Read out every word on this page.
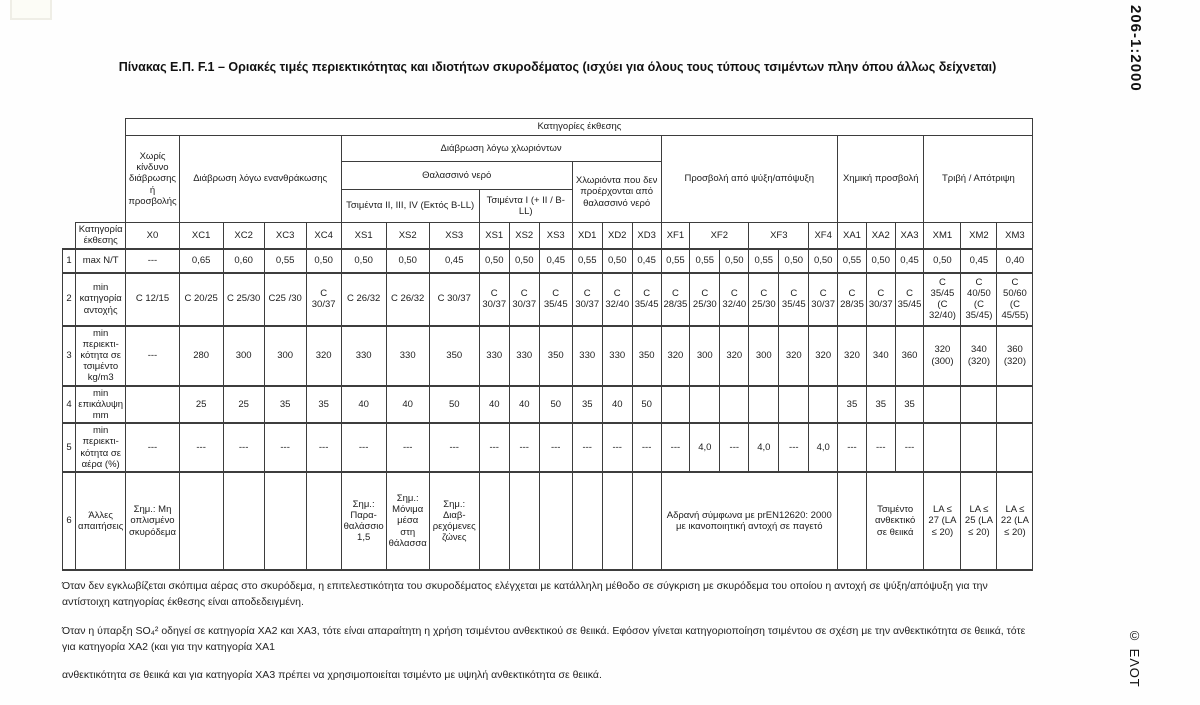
Πίνακας Ε.Π. F.1 – Οριακές τιμές περιεκτικότητας και ιδιοτήτων σκυροδέματος (ισχύει για όλους τους τύπους τσιμέντων πλην όπου άλλως δείχνεται)	206-1:2000
© ΕΛΟΤ
		Κατηγορίες έκθεσης																									
		Χωρίς κίνδυνο διάβρωσης ή προσβολής	Διάβρωση λόγω ενανθράκωσης				Διάβρωση λόγω χλωριόντων									Προσβολή από ψύξη/απόψυξη						Χημική προσβολή			Τριβή / Απότριψη		
							Θαλασσινό νερό						Χλωριόντα που δεν προέρχονται από θαλασσινό νερό														
							Τσιμέντα II, III, IV (Εκτός B-LL)			Τσιμέντα I (+ II / B-LL)																	
	Κατηγορία έκθεσης	X0	XC1	XC2	XC3	XC4	XS1	XS2	XS3	XS1	XS2	XS3	XD1	XD2	XD3	XF1	XF2		XF3		XF4	XA1	XA2	XA3	XM1	XM2	XM3
1	max N/T	---	0,65	0,60	0,55	0,50	0,50	0,50	0,45	0,50	0,50	0,45	0,55	0,50	0,45	0,55	0,55	0,50	0,55	0,50	0,50	0,55	0,50	0,45	0,50	0,45	0,40
2	min κατηγορία αντοχής	C 12/15	C 20/25	C 25/30	C25 /30	C 30/37	C 26/32	C 26/32	C 30/37	C 30/37	C 30/37	C 35/45	C 30/37	C 32/40	C 35/45	C 28/35	C 25/30	C 32/40	C 25/30	C 35/45	C 30/37	C 28/35	C 30/37	C 35/45	C 35/45 (C 32/40)	C 40/50 (C 35/45)	C 50/60 (C 45/55)
3	min περιεκτι-κότητα σε τσιμέντο kg/m3	---	280	300	300	320	330	330	350	330	330	350	330	330	350	320	300	320	300	320	320	320	340	360	320 (300)	340 (320)	360 (320)
4	min επικάλυψη mm		25	25	35	35	40	40	50	40	40	50	35	40	50							35	35	35			
5	min περιεκτι-κότητα σε αέρα (%)	---	---	---	---	---	---	---	---	---	---	---	---	---	---	---	4,0	---	4,0	---	4,0	---	---	---			
6	Άλλες απαιτήσεις	Σημ.: Μη οπλισμένο σκυρόδεμα					Σημ.: Παρα-θαλάσσιο 1,5	Σημ.: Μόνιμα μέσα στη θάλασσα	Σημ.: Διαβ-ρεχόμενες ζώνες							Αδρανή σύμφωνα με prEN12620: 2000 με ικανοποιητική αντοχή σε παγετό							Τσιμέντο ανθεκτικό σε θειικά		LA ≤ 27 (LA ≤ 20)	LA ≤ 25 (LA ≤ 20)	LA ≤ 22 (LA ≤ 20)

Όταν δεν εγκλωβίζεται σκόπιμα αέρας στο σκυρόδεμα, η επιτελεστικότητα του σκυροδέματος ελέγχεται με κατάλληλη μέθοδο σε σύγκριση με σκυρόδεμα του οποίου η αντοχή σε ψύξη/απόψυξη για την αντίστοιχη κατηγορίας έκθεσης είναι αποδεδειγμένη.

Όταν η ύπαρξη SO₄² οδηγεί σε κατηγορία ΧΑ2 και ΧΑ3, τότε είναι απαραίτητη η χρήση τσιμέντου ανθεκτικού σε θειικά. Εφόσον γίνεται κατηγοριοποίηση τσιμέντου σε σχέση με την ανθεκτικότητα σε θειικά, τότε για κατηγορία ΧΑ2 (και για την κατηγορία ΧΑ1

ανθεκτικότητα σε θειικά και για κατηγορία ΧΑ3 πρέπει να χρησιμοποιείται τσιμέντο με υψηλή ανθεκτικότητα σε θειικά.
